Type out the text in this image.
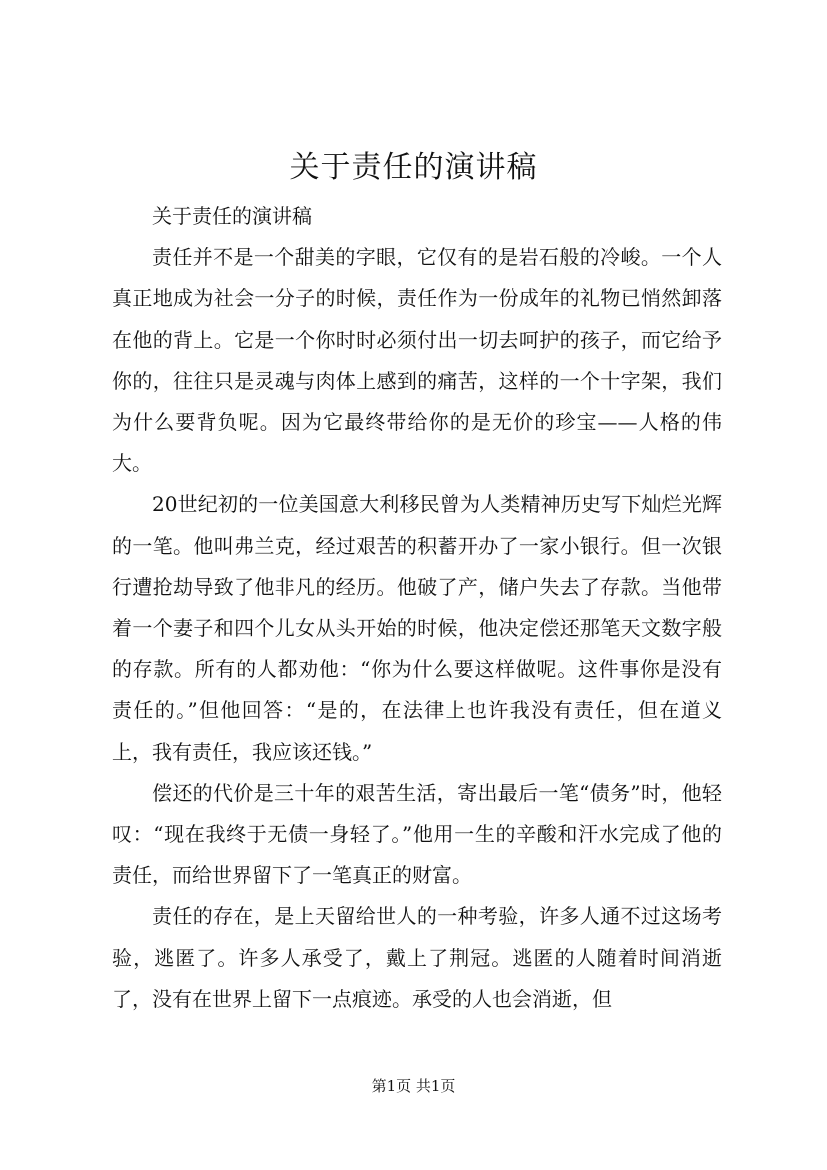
关于责任的演讲稿

关于责任的演讲稿

责任并不是一个甜美的字眼，它仅有的是岩石般的冷峻。一个人真正地成为社会一分子的时候，责任作为一份成年的礼物已悄然卸落在他的背上。它是一个你时时必须付出一切去呵护的孩子，而它给予你的，往往只是灵魂与肉体上感到的痛苦，这样的一个十字架，我们为什么要背负呢。因为它最终带给你的是无价的珍宝——人格的伟大。

20世纪初的一位美国意大利移民曾为人类精神历史写下灿烂光辉的一笔。他叫弗兰克，经过艰苦的积蓄开办了一家小银行。但一次银行遭抢劫导致了他非凡的经历。他破了产，储户失去了存款。当他带着一个妻子和四个儿女从头开始的时候，他决定偿还那笔天文数字般的存款。所有的人都劝他：“你为什么要这样做呢。这件事你是没有责任的。”但他回答：“是的，在法律上也许我没有责任，但在道义上，我有责任，我应该还钱。”

偿还的代价是三十年的艰苦生活，寄出最后一笔“债务”时，他轻叹：“现在我终于无债一身轻了。”他用一生的辛酸和汗水完成了他的责任，而给世界留下了一笔真正的财富。

责任的存在，是上天留给世人的一种考验，许多人通不过这场考验，逃匿了。许多人承受了，戴上了荆冠。逃匿的人随着时间消逝了，没有在世界上留下一点痕迹。承受的人也会消逝，但

第1页 共1页
